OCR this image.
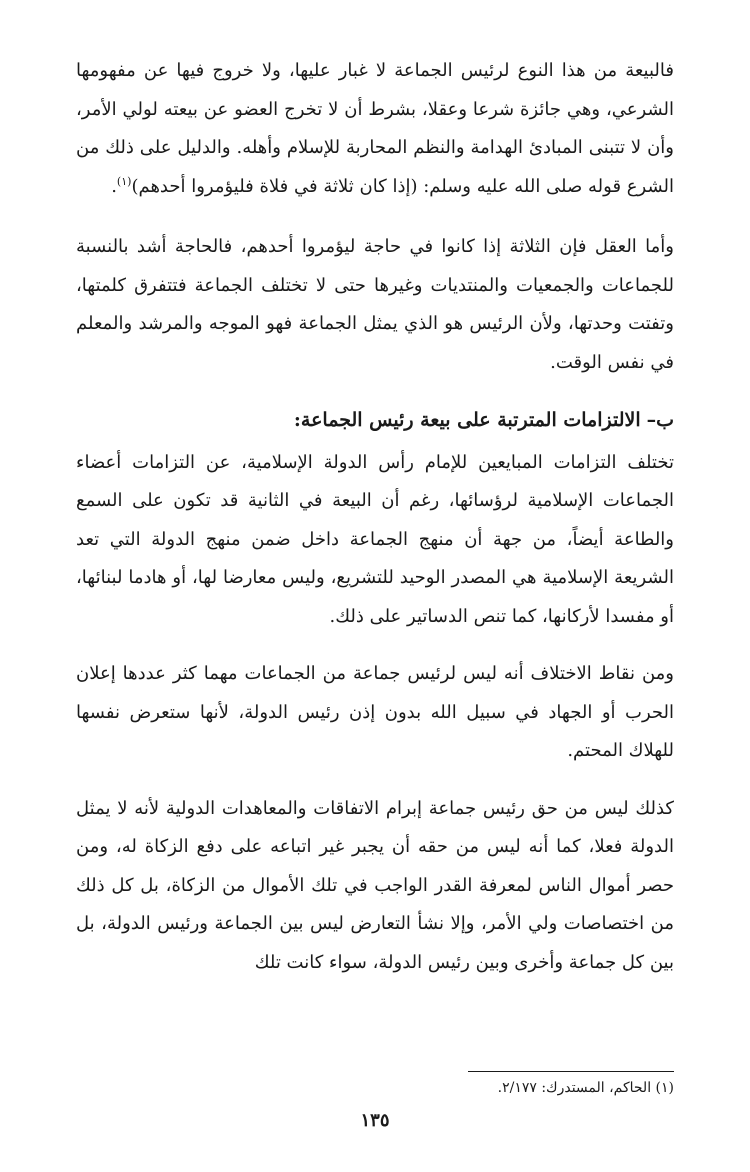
فالبيعة من هذا النوع لرئيس الجماعة لا غبار عليها، ولا خروج فيها عن مفهومها الشرعي، وهي جائزة شرعا وعقلا، بشرط أن لا تخرج العضو عن بيعته لولي الأمر، وأن لا تتبنى المبادئ الهدامة والنظم المحاربة للإسلام وأهله. والدليل على ذلك من الشرع قوله صلى الله عليه وسلم: (إذا كان ثلاثة في فلاة فليؤمروا أحدهم)$^{(١)}$.

وأما العقل فإن الثلاثة إذا كانوا في حاجة ليؤمروا أحدهم، فالحاجة أشد بالنسبة للجماعات والجمعيات والمنتديات وغيرها حتى لا تختلف الجماعة فتتفرق كلمتها، وتفتت وحدتها، ولأن الرئيس هو الذي يمثل الجماعة فهو الموجه والمرشد والمعلم في نفس الوقت.

ب–الالتزامات المترتبة على بيعة رئيس الجماعة:

تختلف التزامات المبايعين للإمام رأس الدولة الإسلامية، عن التزامات أعضاء الجماعات الإسلامية لرؤسائها، رغم أن البيعة في الثانية قد تكون على السمع والطاعة أيضاً، من جهة أن منهج الجماعة داخل ضمن منهج الدولة التي تعد الشريعة الإسلامية هي المصدر الوحيد للتشريع، وليس معارضا لها، أو هادما لبنائها، أو مفسدا لأركانها، كما تنص الدساتير على ذلك.

ومن نقاط الاختلاف أنه ليس لرئيس جماعة من الجماعات مهما كثر عددها إعلان الحرب أو الجهاد في سبيل الله بدون إذن رئيس الدولة، لأنها ستعرض نفسها للهلاك المحتم.

كذلك ليس من حق رئيس جماعة إبرام الاتفاقات والمعاهدات الدولية لأنه لا يمثل الدولة فعلا، كما أنه ليس من حقه أن يجبر غير اتباعه على دفع الزكاة له، ومن حصر أموال الناس لمعرفة القدر الواجب في تلك الأموال من الزكاة، بل كل ذلك من اختصاصات ولي الأمر، وإلا نشأ التعارض ليس بين الجماعة ورئيس الدولة، بل بين كل جماعة وأخرى وبين رئيس الدولة، سواء كانت تلك

(١) الحاكم، المستدرك: ٢/١٧٧.
١٣٥
